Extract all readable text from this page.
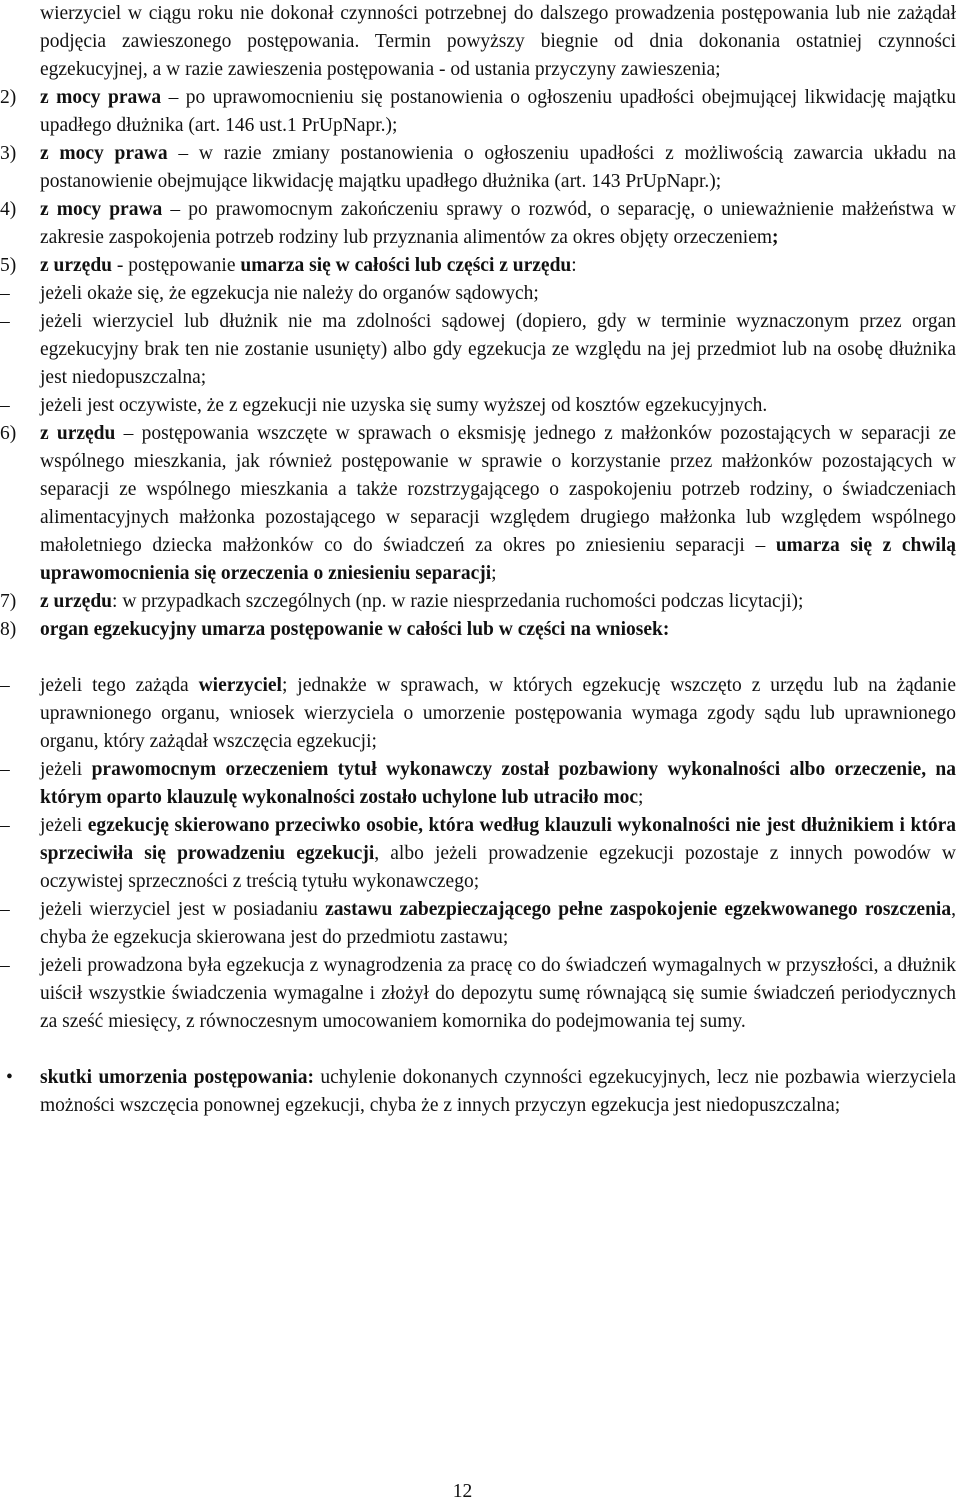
wierzyciel w ciągu roku nie dokonał czynności potrzebnej do dalszego prowadzenia postępowania lub nie zażądał podjęcia zawieszonego postępowania. Termin powyższy biegnie od dnia dokonania ostatniej czynności egzekucyjnej, a w razie zawieszenia postępowania - od ustania przyczyny zawieszenia;
2)	z mocy prawa – po uprawomocnieniu się postanowienia o ogłoszeniu upadłości obejmującej likwidację majątku upadłego dłużnika (art. 146 ust.1 PrUpNapr.);
3)	z mocy prawa – w razie zmiany postanowienia o ogłoszeniu upadłości z możliwością zawarcia układu na postanowienie obejmujące likwidację majątku upadłego dłużnika (art. 143 PrUpNapr.);
4)	z mocy prawa – po prawomocnym zakończeniu sprawy o rozwód, o separację, o unieważnienie małżeństwa w zakresie zaspokojenia potrzeb rodziny lub przyznania alimentów za okres objęty orzeczeniem;
5)	z urzędu - postępowanie umarza się w całości lub części z urzędu:
–	jeżeli okaże się, że egzekucja nie należy do organów sądowych;
–	jeżeli wierzyciel lub dłużnik nie ma zdolności sądowej (dopiero, gdy w terminie wyznaczonym przez organ egzekucyjny brak ten nie zostanie usunięty) albo gdy egzekucja ze względu na jej przedmiot lub na osobę dłużnika jest niedopuszczalna;
–	jeżeli jest oczywiste, że z egzekucji nie uzyska się sumy wyższej od kosztów egzekucyjnych.
6)	z urzędu – postępowania wszczęte w sprawach o eksmisję jednego z małżonków pozostających w separacji ze wspólnego mieszkania, jak również postępowanie w sprawie o korzystanie przez małżonków pozostających w separacji ze wspólnego mieszkania a także rozstrzygającego o zaspokojeniu potrzeb rodziny, o świadczeniach alimentacyjnych małżonka pozostającego w separacji względem drugiego małżonka lub względem wspólnego małoletniego dziecka małżonków co do świadczeń za okres po zniesieniu separacji – umarza się z chwilą uprawomocnienia się orzeczenia o zniesieniu separacji;
7)	z urzędu: w przypadkach szczególnych (np. w razie niesprzedania ruchomości podczas licytacji);
8)	organ egzekucyjny umarza postępowanie w całości lub w części na wniosek:
–	jeżeli tego zażąda wierzyciel; jednakże w sprawach, w których egzekucję wszczęto z urzędu lub na żądanie uprawnionego organu, wniosek wierzyciela o umorzenie postępowania wymaga zgody sądu lub uprawnionego organu, który zażądał wszczęcia egzekucji;
–	jeżeli prawomocnym orzeczeniem tytuł wykonawczy został pozbawiony wykonalności albo orzeczenie, na którym oparto klauzulę wykonalności zostało uchylone lub utraciło moc;
–	jeżeli egzekucję skierowano przeciwko osobie, która według klauzuli wykonalności nie jest dłużnikiem i która sprzeciwiła się prowadzeniu egzekucji, albo jeżeli prowadzenie egzekucji pozostaje z innych powodów w oczywistej sprzeczności z treścią tytułu wykonawczego;
–	jeżeli wierzyciel jest w posiadaniu zastawu zabezpieczającego pełne zaspokojenie egzekwowanego roszczenia, chyba że egzekucja skierowana jest do przedmiotu zastawu;
–	jeżeli prowadzona była egzekucja z wynagrodzenia za pracę co do świadczeń wymagalnych w przyszłości, a dłużnik uiścił wszystkie świadczenia wymagalne i złożył do depozytu sumę równającą się sumie świadczeń periodycznych za sześć miesięcy, z równoczesnym umocowaniem komornika do podejmowania tej sumy.
•	skutki umorzenia postępowania: uchylenie dokonanych czynności egzekucyjnych, lecz nie pozbawia wierzyciela możności wszczęcia ponownej egzekucji, chyba że z innych przyczyn egzekucja jest niedopuszczalna;
12
